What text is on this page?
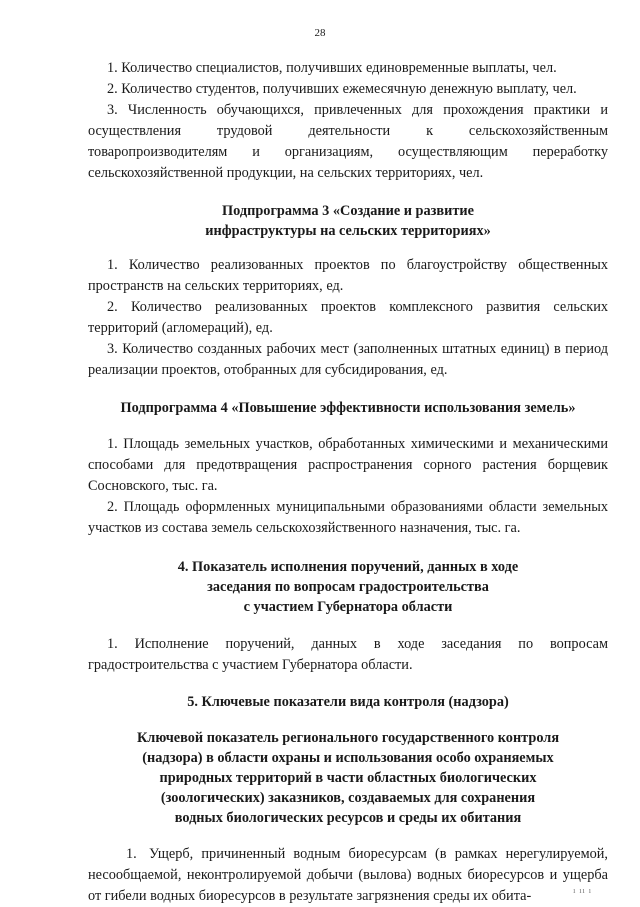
28

1. Количество специалистов, получивших единовременные выплаты, чел.

2. Количество студентов, получивших ежемесячную денежную выплату, чел.

3. Численность обучающихся, привлеченных для прохождения практики и осуществления трудовой деятельности к сельскохозяйственным товаропроизводителям и организациям, осуществляющим переработку сельскохозяйственной продукции, на сельских территориях, чел.

Подпрограмма 3 «Создание и развитие
инфраструктуры на сельских территориях»

1. Количество реализованных проектов по благоустройству общественных пространств на сельских территориях, ед.

2. Количество реализованных проектов комплексного развития сельских территорий (агломераций), ед.

3. Количество созданных рабочих мест (заполненных штатных единиц) в период реализации проектов, отобранных для субсидирования, ед.

Подпрограмма 4 «Повышение эффективности использования земель»

1. Площадь земельных участков, обработанных химическими и механическими способами для предотвращения распространения сорного растения борщевик Сосновского, тыс. га.

2. Площадь оформленных муниципальными образованиями области земельных участков из состава земель сельскохозяйственного назначения, тыс. га.

4. Показатель исполнения поручений, данных в ходе
заседания по вопросам градостроительства
с участием Губернатора области

1. Исполнение поручений, данных в ходе заседания по вопросам градостроительства с участием Губернатора области.

5. Ключевые показатели вида контроля (надзора)
Ключевой показатель регионального государственного контроля
(надзора) в области охраны и использования особо охраняемых
природных территорий в части областных биологических
(зоологических) заказников, создаваемых для сохранения
водных биологических ресурсов и среды их обитания

1. Ущерб, причиненный водным биоресурсам (в рамках нерегулируемой, несообщаемой, неконтролируемой добычи (вылова) водных биоресурсов и ущерба от гибели водных биоресурсов в результате загрязнения среды их обита-	ı ıı ı
